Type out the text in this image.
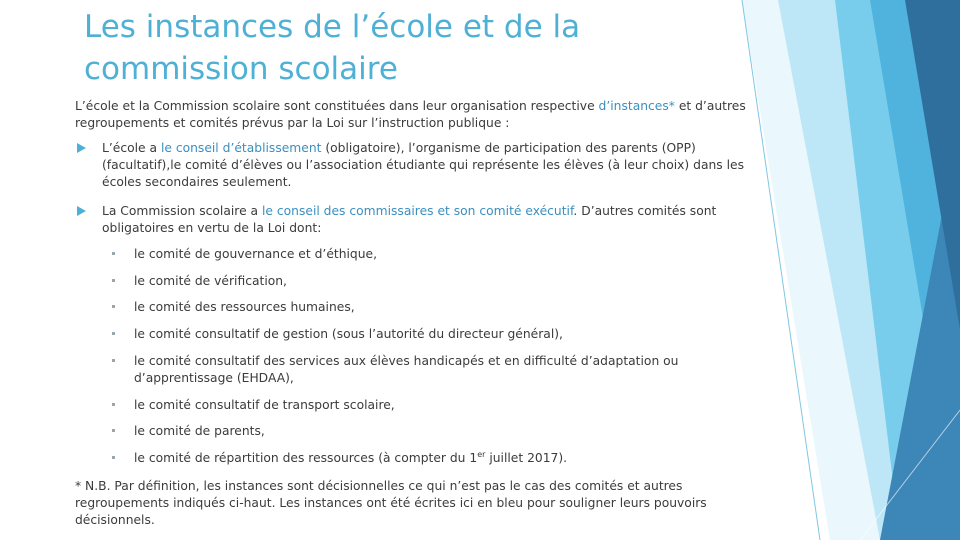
Les instances de l’école et de la commission scolaire
L’école et la Commission scolaire sont constituées dans leur organisation respective d’instances* et d’autres regroupements et comités prévus par la Loi sur l’instruction publique :
L’école a le conseil d’établissement (obligatoire), l’organisme de participation des parents (OPP) (facultatif),le comité d’élèves ou l’association étudiante qui représente les élèves (à leur choix) dans les écoles secondaires seulement.
La Commission scolaire a le conseil des commissaires et son comité exécutif. D’autres comités sont obligatoires en vertu de la Loi dont:
le comité de gouvernance et d’éthique,
le comité de vérification,
le comité des ressources humaines,
le comité consultatif de gestion (sous l’autorité du directeur général),
le comité consultatif des services aux élèves handicapés et en difficulté d’adaptation ou d’apprentissage (EHDAA),
le comité consultatif de transport scolaire,
le comité de parents,
le comité de répartition des ressources (à compter du 1er juillet 2017).
* N.B. Par définition, les instances sont décisionnelles ce qui n’est pas le cas des comités et autres regroupements indiqués ci-haut. Les instances ont été écrites ici en bleu pour souligner leurs pouvoirs décisionnels.
